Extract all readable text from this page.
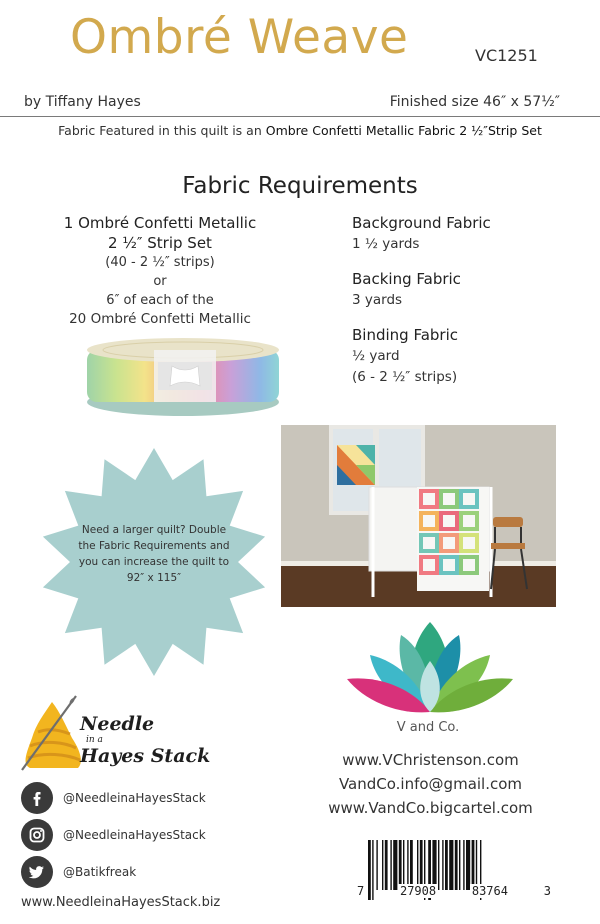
Ombré Weave	VC1251
by Tiffany Hayes	Finished size 46″ x 57½″
Fabric Featured in this quilt is an Ombre Confetti Metallic Fabric 2 ½″Strip Set
Fabric Requirements
1 Ombré Confetti Metallic
2 ½″ Strip Set
(40 - 2 ½″ strips)
or
6″ of each of the
20 Ombré Confetti Metallic
Background Fabric
1 ½ yards
Backing Fabric
3 yards
Binding Fabric
½ yard
(6 - 2 ½″ strips)
Need a larger quilt? Double the Fabric Requirements and you can increase the quilt to 92″ x 115″
V and Co.
www.VChristenson.com
VandCo.info@gmail.com
www.VandCo.bigcartel.com
Needle
in a
Hayes Stack
@NeedleinaHayesStack
@NeedleinaHayesStack
@Batikfreak
www.NeedleinaHayesStack.biz
7	27908	83764	3
